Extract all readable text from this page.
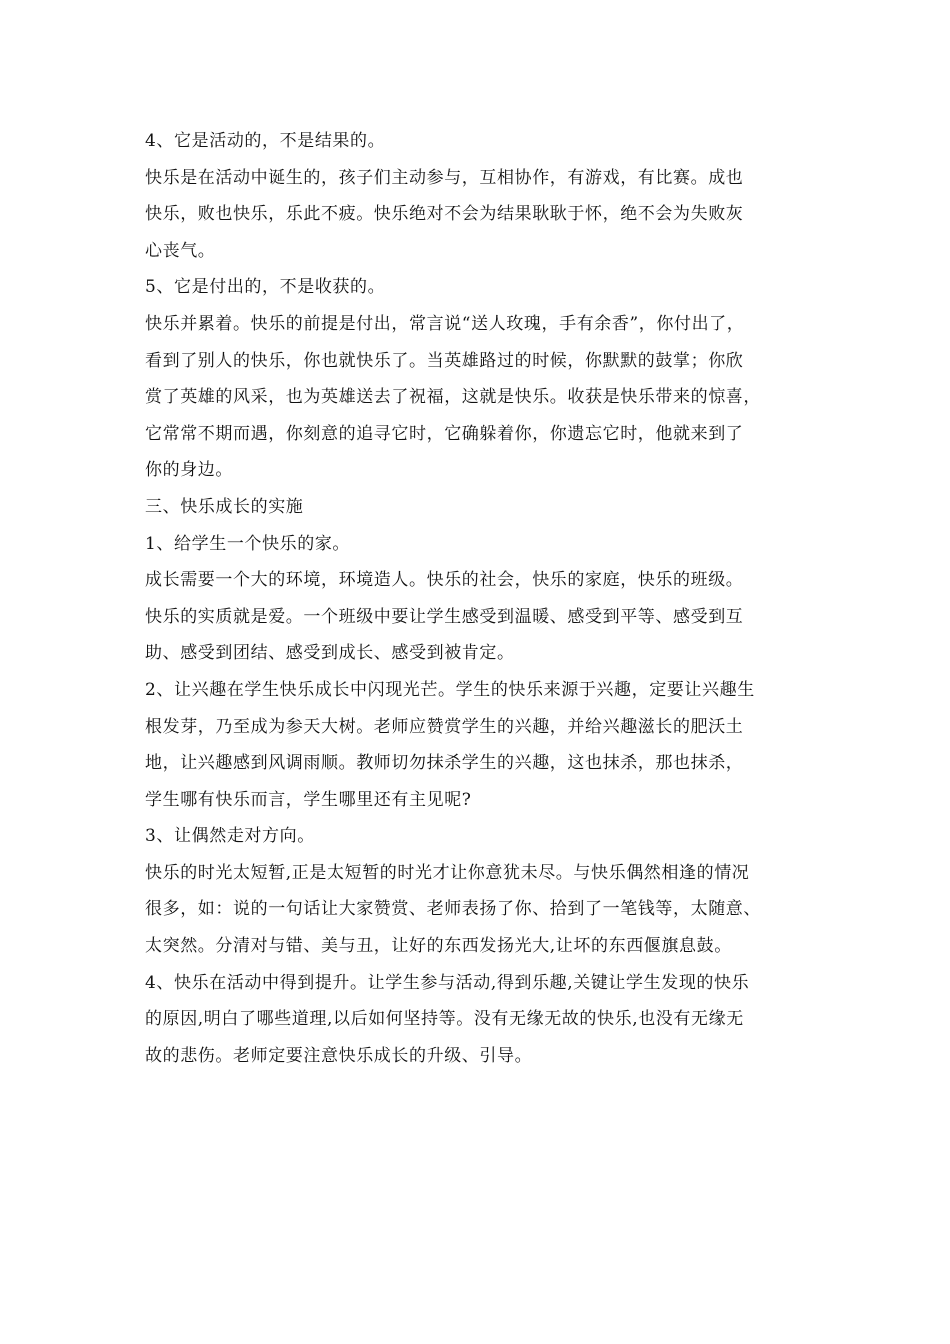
4、它是活动的，不是结果的。
快乐是在活动中诞生的，孩子们主动参与，互相协作，有游戏，有比赛。成也
快乐，败也快乐，乐此不疲。快乐绝对不会为结果耿耿于怀，绝不会为失败灰
心丧气。
5、它是付出的，不是收获的。
快乐并累着。快乐的前提是付出，常言说“送人玫瑰，手有余香”，你付出了，
看到了别人的快乐，你也就快乐了。当英雄路过的时候，你默默的鼓掌；你欣
赏了英雄的风采，也为英雄送去了祝福，这就是快乐。收获是快乐带来的惊喜，
它常常不期而遇，你刻意的追寻它时，它确躲着你，你遗忘它时，他就来到了
你的身边。
三、快乐成长的实施
1、给学生一个快乐的家。
成长需要一个大的环境，环境造人。快乐的社会，快乐的家庭，快乐的班级。
快乐的实质就是爱。一个班级中要让学生感受到温暖、感受到平等、感受到互
助、感受到团结、感受到成长、感受到被肯定。
2、让兴趣在学生快乐成长中闪现光芒。学生的快乐来源于兴趣，定要让兴趣生
根发芽，乃至成为参天大树。老师应赞赏学生的兴趣，并给兴趣滋长的肥沃土
地，让兴趣感到风调雨顺。教师切勿抹杀学生的兴趣，这也抹杀，那也抹杀，
学生哪有快乐而言，学生哪里还有主见呢?
3、让偶然走对方向。
快乐的时光太短暂,正是太短暂的时光才让你意犹未尽。与快乐偶然相逢的情况
很多，如：说的一句话让大家赞赏、老师表扬了你、拾到了一笔钱等，太随意、
太突然。分清对与错、美与丑，让好的东西发扬光大,让坏的东西偃旗息鼓。
4、快乐在活动中得到提升。让学生参与活动,得到乐趣,关键让学生发现的快乐
的原因,明白了哪些道理,以后如何坚持等。没有无缘无故的快乐,也没有无缘无
故的悲伤。老师定要注意快乐成长的升级、引导。
